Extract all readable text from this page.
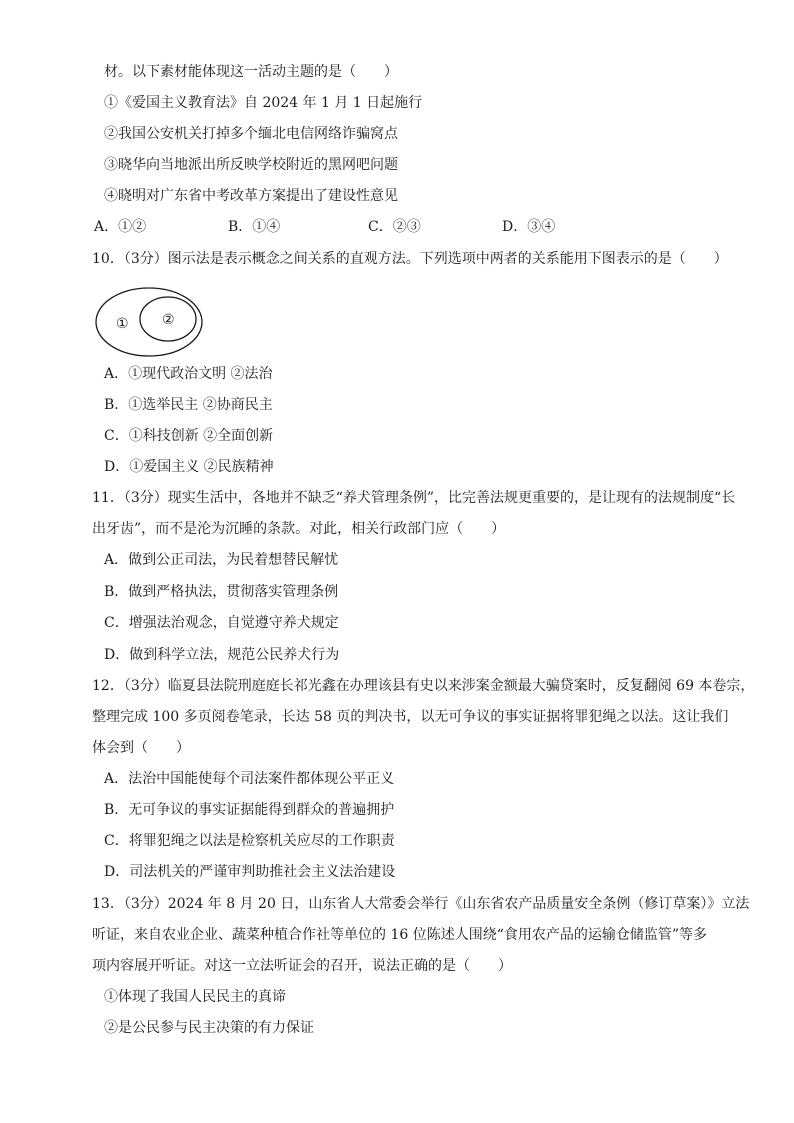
材。以下素材能体现这一活动主题的是（　　）
①《爱国主义教育法》自 2024 年 1 月 1 日起施行
②我国公安机关打掉多个缅北电信网络诈骗窝点
③晓华向当地派出所反映学校附近的黑网吧问题
④晓明对广东省中考改革方案提出了建设性意见
A．①②	B．①④	C．②③	D．③④
10．（3分）图示法是表示概念之间关系的直观方法。下列选项中两者的关系能用下图表示的是（　　）
① ②
A．①现代政治文明 ②法治
B．①选举民主 ②协商民主
C．①科技创新 ②全面创新
D．①爱国主义 ②民族精神
11．（3分）现实生活中，各地并不缺乏“养犬管理条例”，比完善法规更重要的，是让现有的法规制度“长
出牙齿”，而不是沦为沉睡的条款。对此，相关行政部门应（　　）
A．做到公正司法，为民着想替民解忧
B．做到严格执法，贯彻落实管理条例
C．增强法治观念，自觉遵守养犬规定
D．做到科学立法，规范公民养犬行为
12．（3分）临夏县法院刑庭庭长祁光鑫在办理该县有史以来涉案金额最大骗贷案时，反复翻阅 69 本卷宗，
整理完成 100 多页阅卷笔录，长达 58 页的判决书，以无可争议的事实证据将罪犯绳之以法。这让我们
体会到（　　）
A．法治中国能使每个司法案件都体现公平正义
B．无可争议的事实证据能得到群众的普遍拥护
C．将罪犯绳之以法是检察机关应尽的工作职责
D．司法机关的严谨审判助推社会主义法治建设
13．（3分）2024 年 8 月 20 日，山东省人大常委会举行《山东省农产品质量安全条例（修订草案）》立法
听证，来自农业企业、蔬菜种植合作社等单位的 16 位陈述人围绕“食用农产品的运输仓储监管”等多
项内容展开听证。对这一立法听证会的召开，说法正确的是（　　）
①体现了我国人民民主的真谛
②是公民参与民主决策的有力保证
